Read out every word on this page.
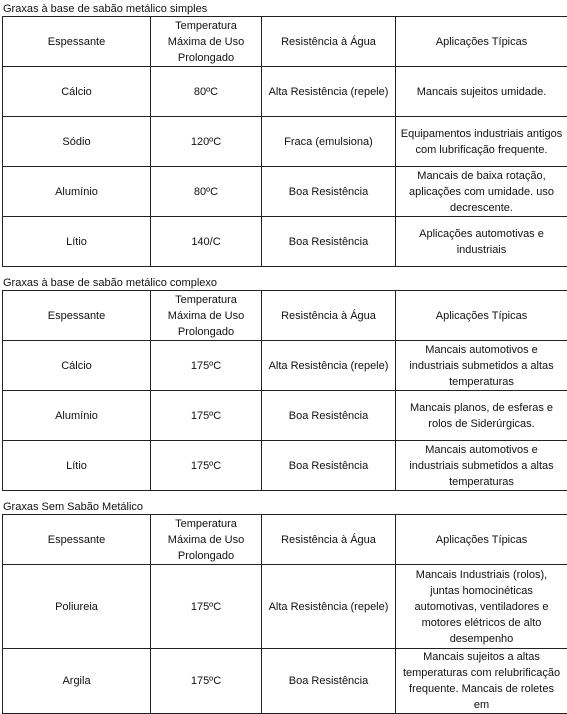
Graxas à base de sabão metálico simples
Espessante	Temperatura Máxima de Uso Prolongado	Resistência à Água	Aplicações Típicas
Cálcio	80ºC	Alta Resistência (repele)	Mancais sujeitos umidade.
Sódio	120ºC	Fraca (emulsiona)	Equipamentos industriais antigos com lubrificação frequente.
Alumínio	80ºC	Boa Resistência	Mancais de baixa rotação, aplicações com umidade. uso decrescente.
Lítio	140/C	Boa Resistência	Aplicações automotivas e industriais
Graxas à base de sabão metálico complexo
Espessante	Temperatura Máxima de Uso Prolongado	Resistência à Água	Aplicações Típicas
Cálcio	175ºC	Alta Resistência (repele)	Mancais automotivos e industriais submetidos a altas temperaturas
Alumínio	175ºC	Boa Resistência	Mancais planos, de esferas e rolos de Siderúrgicas.
Lítio	175ºC	Boa Resistência	Mancais automotivos e industriais submetidos a altas temperaturas
Graxas Sem Sabão Metálico
Espessante	Temperatura Máxima de Uso Prolongado	Resistência à Água	Aplicações Típicas
Poliureia	175ºC	Alta Resistência (repele)	Mancais Industriais (rolos), juntas homocinéticas automotivas, ventiladores e motores elétricos de alto desempenho
Argila	175ºC	Boa Resistência	Mancais sujeitos a altas temperaturas com relubrificação frequente. Mancais de roletes em
